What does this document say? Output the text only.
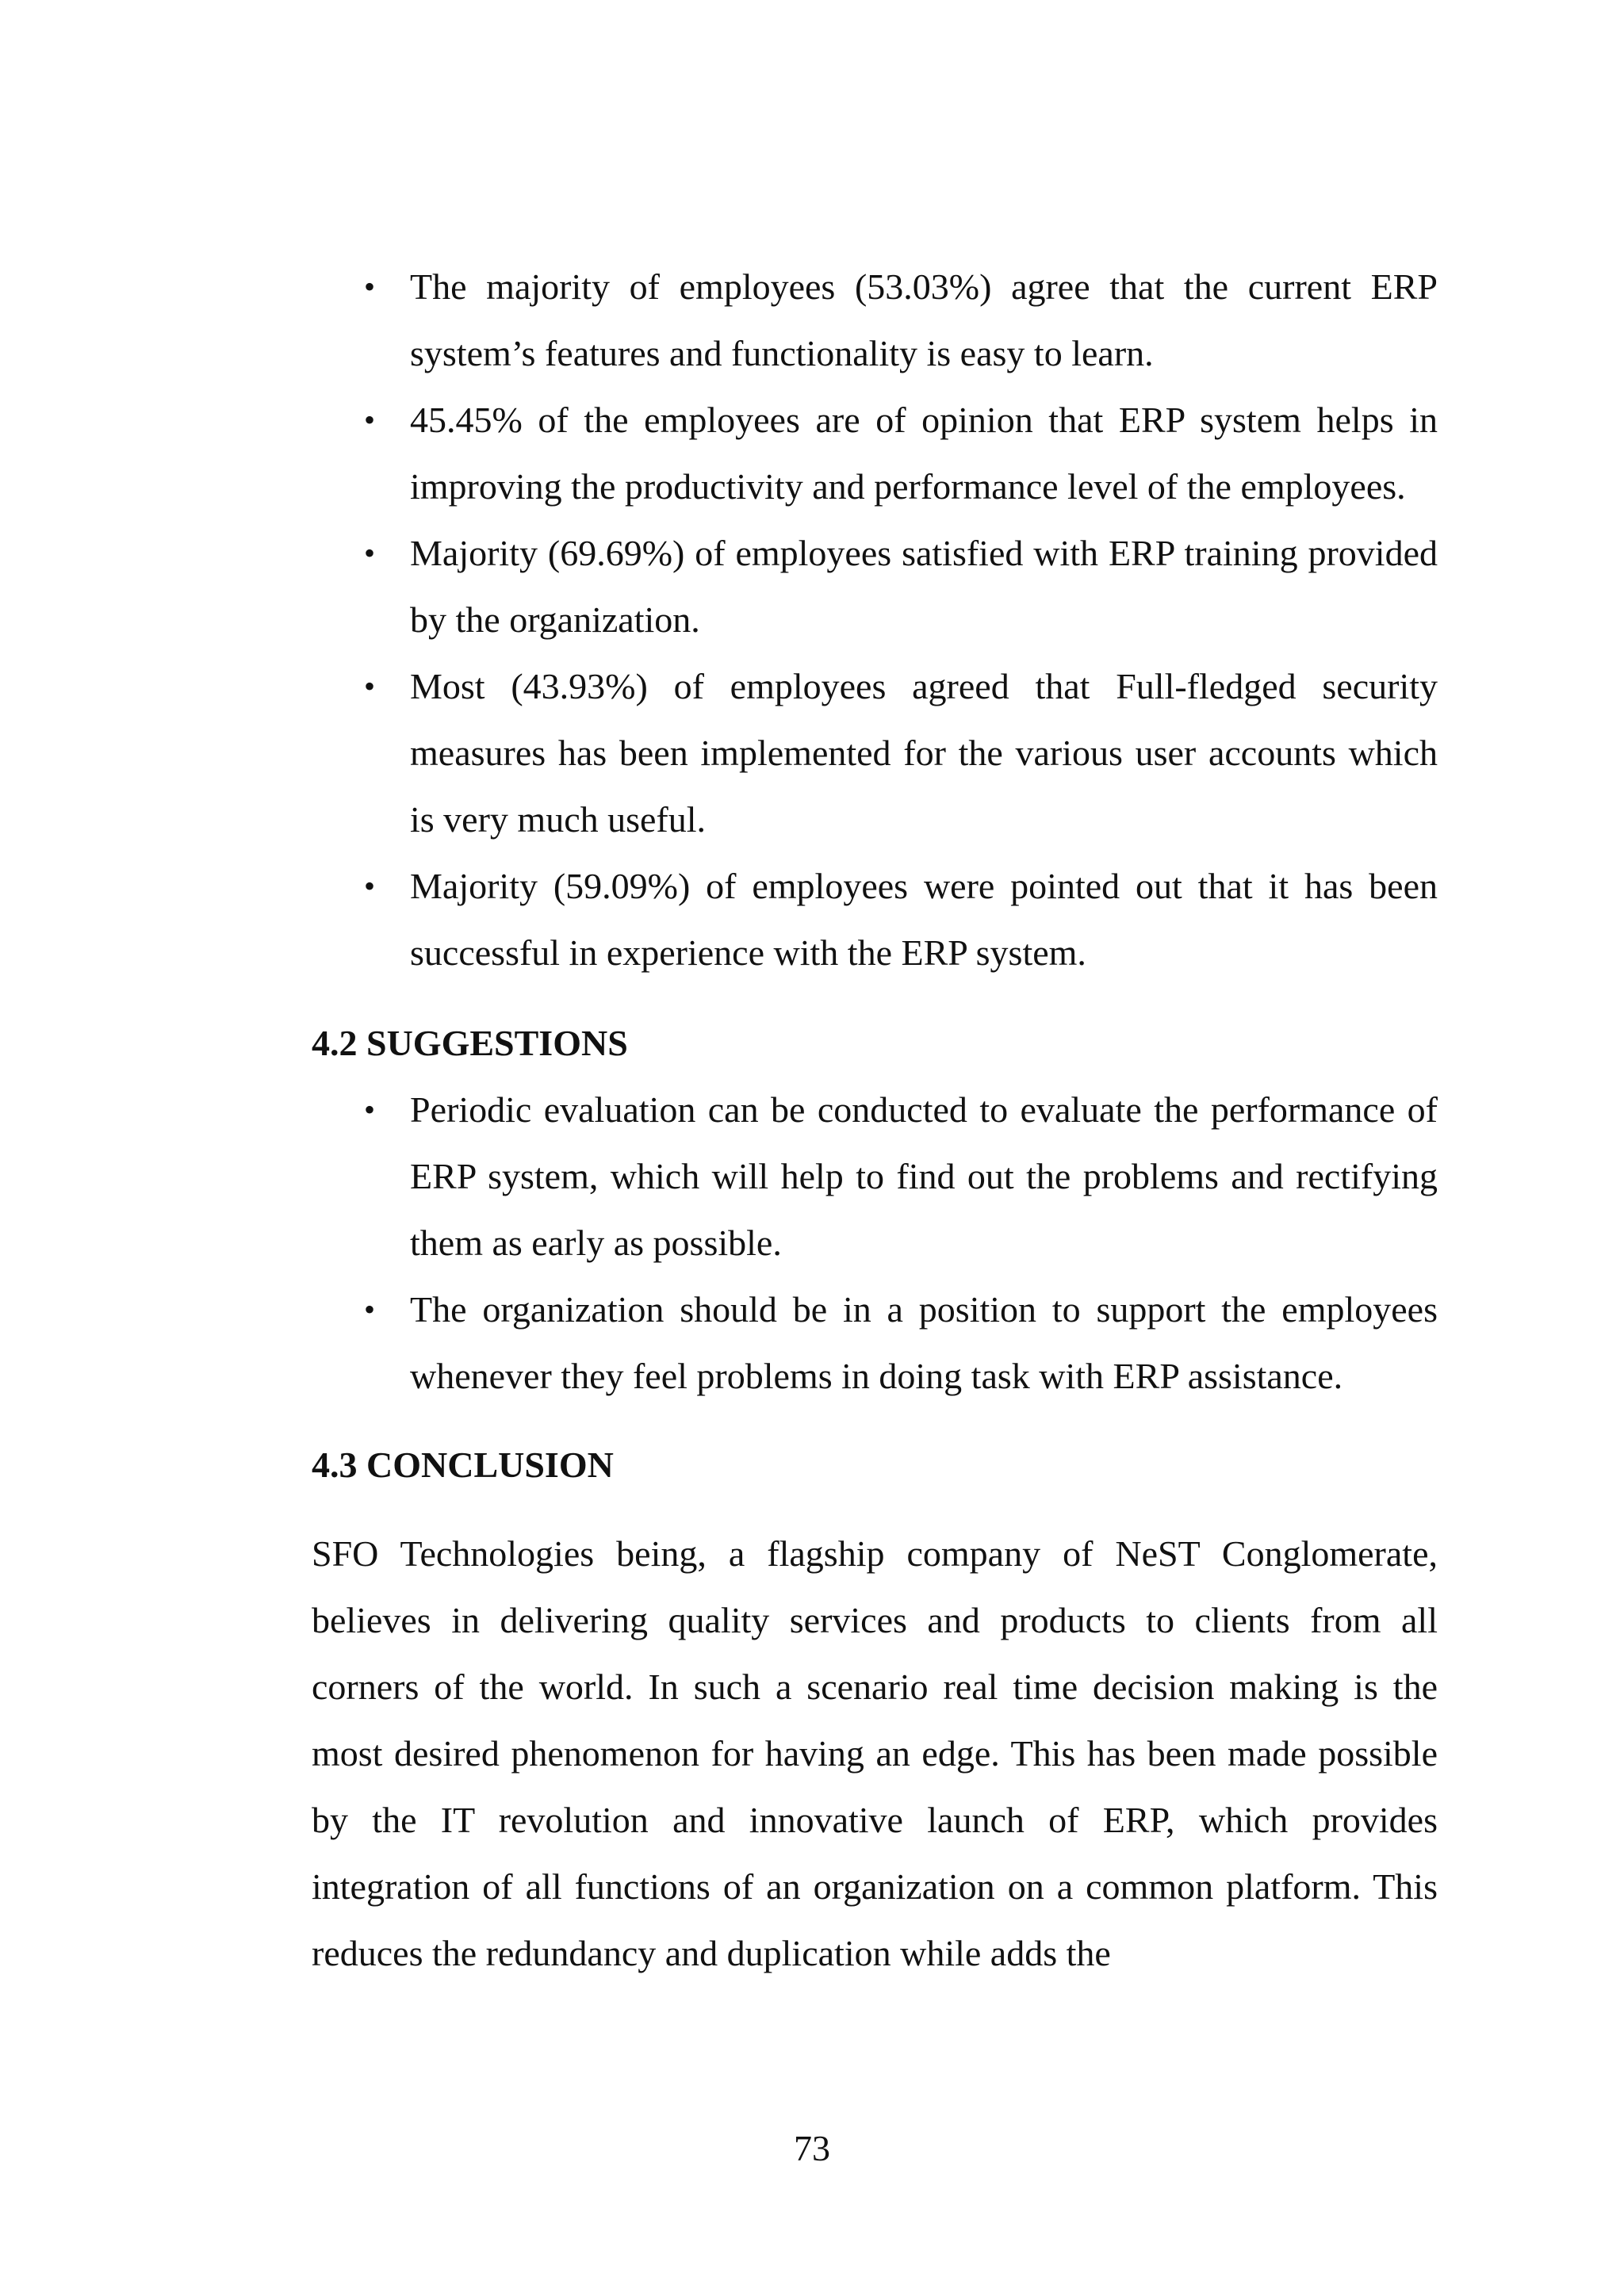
• The majority of employees (53.03%) agree that the current ERP system’s features and functionality is easy to learn.
• 45.45% of the employees are of opinion that ERP system helps in improving the productivity and performance level of the employees.
• Majority (69.69%) of employees satisfied with ERP training provided by the organization.
• Most (43.93%) of employees agreed that Full-fledged security measures has been implemented for the various user accounts which is very much useful.
• Majority (59.09%) of employees were pointed out that it has been successful in experience with the ERP system.
4.2 SUGGESTIONS
• Periodic evaluation can be conducted to evaluate the performance of ERP system, which will help to find out the problems and rectifying them as early as possible.
• The organization should be in a position to support the employees whenever they feel problems in doing task with ERP assistance.
4.3 CONCLUSION

SFO Technologies being, a flagship company of NeST Conglomerate, believes in delivering quality services and products to clients from all corners of the world. In such a scenario real time decision making is the most desired phenomenon for having an edge. This has been made possible by the IT revolution and innovative launch of ERP, which provides integration of all functions of an organization on a common platform. This reduces the redundancy and duplication while adds the

73
